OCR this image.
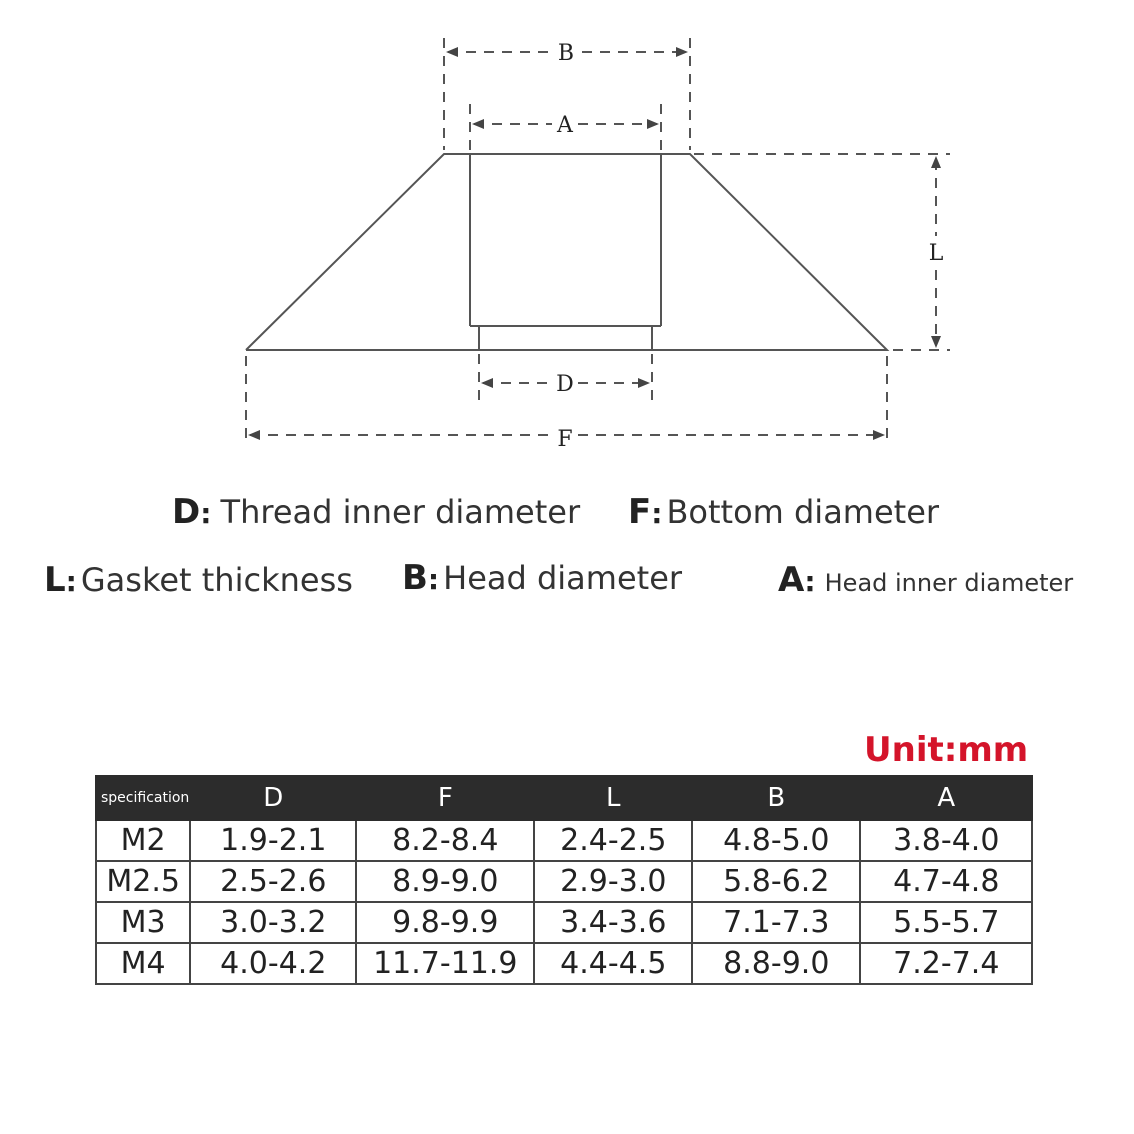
B
A
L
D
F
D: Thread inner diameter F: Bottom diameter
L: Gasket thickness B: Head diameter	A: Head inner diameter
Unit:mm
specification	D	F	L	B	A
M2	1.9-2.1	8.2-8.4	2.4-2.5	4.8-5.0	3.8-4.0
M2.5	2.5-2.6	8.9-9.0	2.9-3.0	5.8-6.2	4.7-4.8
M3	3.0-3.2	9.8-9.9	3.4-3.6	7.1-7.3	5.5-5.7
M4	4.0-4.2	11.7-11.9	4.4-4.5	8.8-9.0	7.2-7.4
